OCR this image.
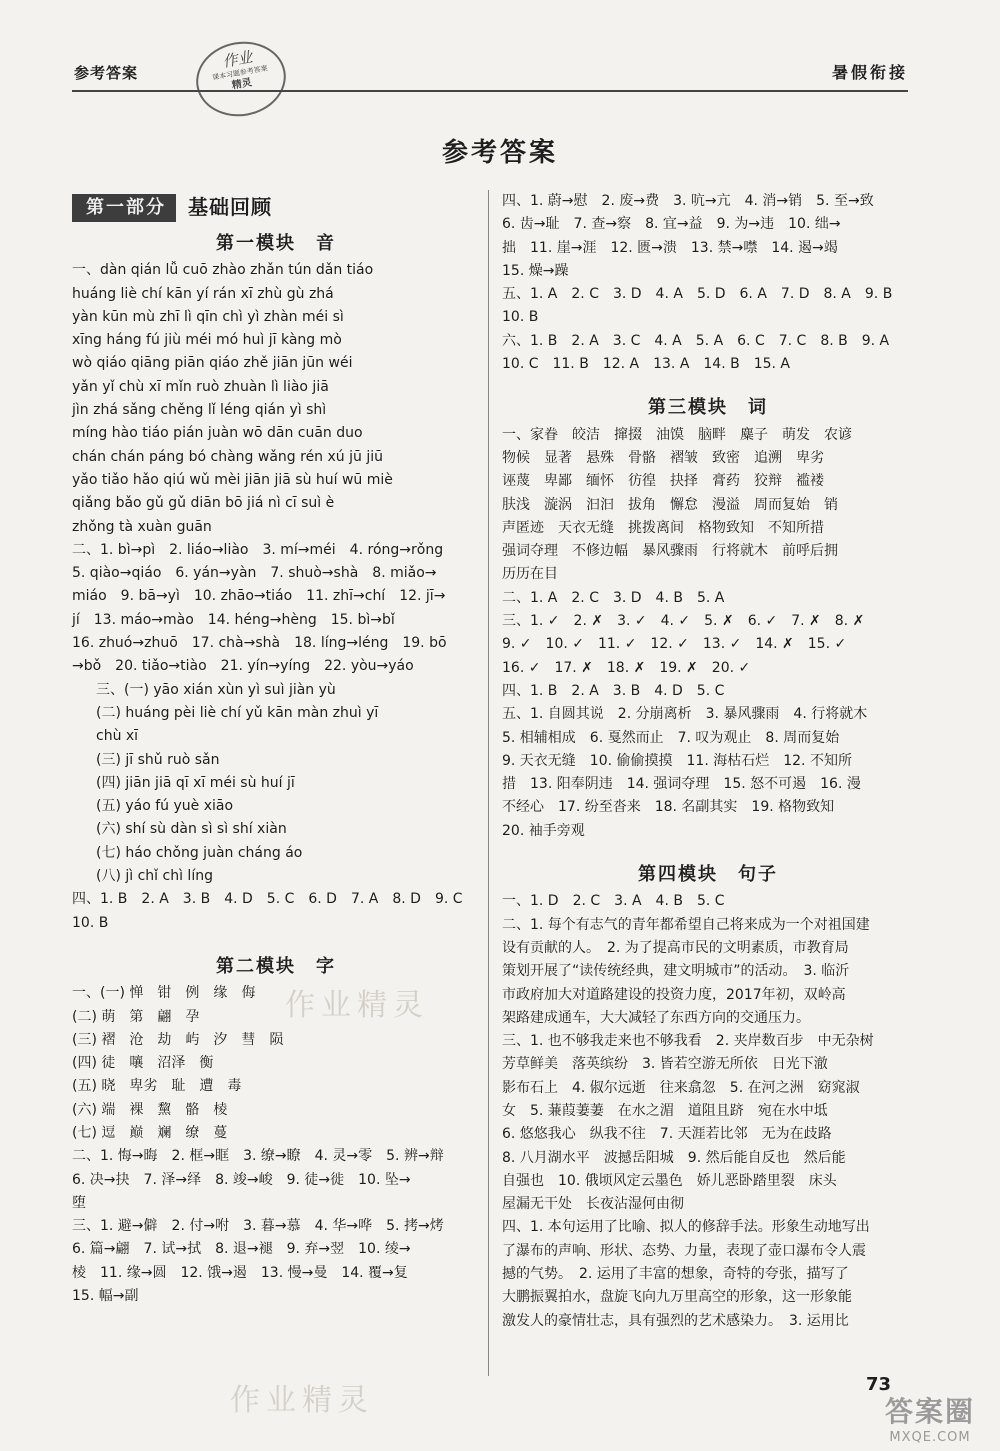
参考答案
作业
课本习题参考答案
精灵
暑假衔接
参考答案
第一部分	基础回顾
第一模块　音
一、dàn qián lǚ cuō zhào zhǎn tún dǎn tiáo
huáng liè chí kān yí rán xī zhù gù zhá
yàn kūn mù zhī lì qīn chì yì zhàn méi sì
xīng háng fú jiù méi mó huì jī kàng mò
wò qiáo qiāng piān qiáo zhě jiān jūn wéi
yǎn yǐ chù xī mǐn ruò zhuàn lì liào jiā
jìn zhá sǎng chěng lǐ léng qián yì shì
míng hào tiáo pián juàn wō dān cuān duo
chán chán páng bó chàng wǎng rén xú jū jiū
yǎo tiǎo hǎo qiú wǔ mèi jiān jiā sù huí wū miè
qiǎng bǎo gǔ gǔ diān bō jiá nì cī suì è
zhǒng tà xuàn guān
二、1. bì→pì　2. liáo→liào　3. mí→méi　4. róng→rǒng
5. qiào→qiáo　6. yán→yàn　7. shuò→shà　8. miǎo→
miáo　9. bā→yì　10. zhāo→tiáo　11. zhī→chí　12. jī→
jí　13. máo→mào　14. héng→hèng　15. bì→bǐ
16. zhuó→zhuō　17. chà→shà　18. líng→léng　19. bō
→bǒ　20. tiǎo→tiào　21. yín→yíng　22. yòu→yáo
三、(一) yāo xián xùn yì suì jiàn yù
(二) huáng pèi liè chí yǔ kān màn zhuì yī
chù xī
(三) jī shǔ ruò sǎn
(四) jiān jiā qī xī méi sù huí jī
(五) yáo fú yuè xiāo
(六) shí sù dàn sì sì shí xiàn
(七) háo chǒng juàn cháng áo
(八) jì chǐ chì líng
四、1. B　2. A　3. B　4. D　5. C　6. D　7. A　8. D　9. C
10. B
第二模块　字
一、(一) 惮　钳　例　缘　侮
(二) 萌　第　翩　孕
(三) 褶　沧　劫　屿　汐　彗　陨
(四) 徒　嚷　沼泽　衡
(五) 晓　卑劣　耻　遭　毒
(六) 端　裸　黧　骼　棱
(七) 逗　巅　斓　缭　蔓
二、1. 悔→晦　2. 框→眶　3. 缭→瞭　4. 灵→零　5. 辨→辩
6. 决→抉　7. 泽→绎　8. 竣→峻　9. 徒→徙　10. 坠→
堕
三、1. 避→僻　2. 付→咐　3. 暮→慕　4. 华→哗　5. 拷→烤
6. 篇→翩　7. 试→拭　8. 退→褪　9. 弃→翌　10. 绫→
棱　11. 缘→圆　12. 饿→遏　13. 慢→曼　14. 覆→复
15. 幅→副
四、1. 蔚→慰　2. 废→费　3. 吭→亢　4. 消→销　5. 至→致
6. 齿→耻　7. 查→察　8. 宜→益　9. 为→违　10. 绌→
拙　11. 崖→涯　12. 匮→溃　13. 禁→噤　14. 遏→竭
15. 燥→躁
五、1. A　2. C　3. D　4. A　5. D　6. A　7. D　8. A　9. B
10. B
六、1. B　2. A　3. C　4. A　5. A　6. C　7. C　8. B　9. A
10. C　11. B　12. A　13. A　14. B　15. A
第三模块　词
一、家眷　皎洁　撺掇　油馍　脑畔　麋子　萌发　农谚
物候　显著　悬殊　骨骼　褶皱　致密　追溯　卑劣
诬蔑　卑鄙　缅怀　彷徨　抉择　膏药　狡辩　褴褛
肤浅　漩涡　汩汩　拔角　懈怠　漫溢　周而复始　销
声匿迹　天衣无缝　挑拨离间　格物致知　不知所措
强词夺理　不修边幅　暴风骤雨　行将就木　前呼后拥
历历在目
二、1. A　2. C　3. D　4. B　5. A
三、1. ✓　2. ✗　3. ✓　4. ✓　5. ✗　6. ✓　7. ✗　8. ✗
9. ✓　10. ✓　11. ✓　12. ✓　13. ✓　14. ✗　15. ✓
16. ✓　17. ✗　18. ✗　19. ✗　20. ✓
四、1. B　2. A　3. B　4. D　5. C
五、1. 自圆其说　2. 分崩离析　3. 暴风骤雨　4. 行将就木
5. 相辅相成　6. 戛然而止　7. 叹为观止　8. 周而复始
9. 天衣无缝　10. 偷偷摸摸　11. 海枯石烂　12. 不知所
措　13. 阳奉阴违　14. 强词夺理　15. 怒不可遏　16. 漫
不经心　17. 纷至沓来　18. 名副其实　19. 格物致知
20. 袖手旁观
第四模块　句子
一、1. D　2. C　3. A　4. B　5. C
二、1. 每个有志气的青年都希望自己将来成为一个对祖国建
设有贡献的人。　2. 为了提高市民的文明素质，市教育局
策划开展了“读传统经典，建文明城市”的活动。　3. 临沂
市政府加大对道路建设的投资力度，2017年初，双岭高
架路建成通车，大大减轻了东西方向的交通压力。
三、1. 也不够我走来也不够我看　2. 夹岸数百步　中无杂树
芳草鲜美　落英缤纷　3. 皆若空游无所依　日光下澈
影布石上　4. 俶尔远逝　往来翕忽　5. 在河之洲　窈窕淑
女　5. 蒹葭萋萋　在水之湄　道阻且跻　宛在水中坻
6. 悠悠我心　纵我不往　7. 天涯若比邻　无为在歧路
8. 八月湖水平　波撼岳阳城　9. 然后能自反也　然后能
自强也　10. 俄顷风定云墨色　娇儿恶卧踏里裂　床头
屋漏无干处　长夜沾湿何由彻
四、1. 本句运用了比喻、拟人的修辞手法。形象生动地写出
了瀑布的声响、形状、态势、力量，表现了壶口瀑布令人震
撼的气势。　2. 运用了丰富的想象，奇特的夸张，描写了
大鹏振翼拍水，盘旋飞向九万里高空的形象，这一形象能
激发人的豪情壮志，具有强烈的艺术感染力。　3. 运用比
作业精灵
作业精灵	73
答案圈
MXQE.COM
